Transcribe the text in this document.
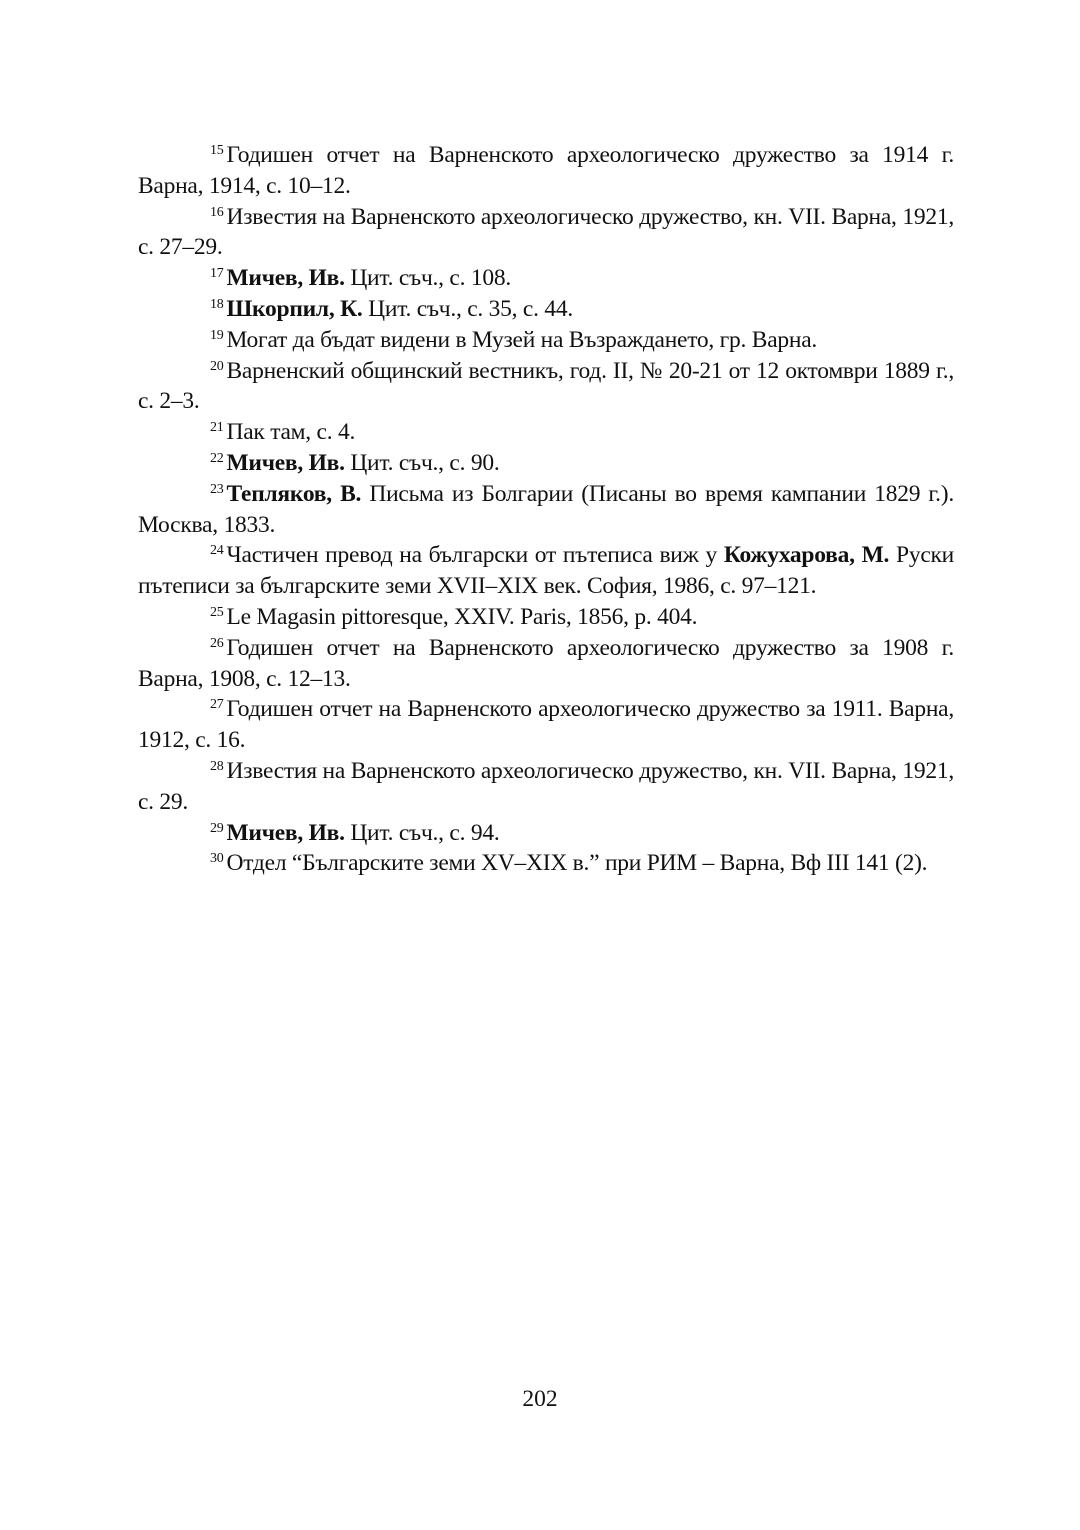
$^{15}$ Годишен отчет на Варненското археологическо дружество за 1914 г. Варна, 1914, с. 10–12.

$^{16}$ Известия на Варненското археологическо дружество, кн. VII. Варна, 1921, с. 27–29.

$^{17}$ Мичев, Ив. Цит. съч., с. 108.

$^{18}$ Шкорпил, К. Цит. съч., с. 35, с. 44.

$^{19}$ Могат да бъдат видени в Музей на Възраждането, гр. Варна.

$^{20}$ Варненский общинский вестникъ, год. II, № 20-21 от 12 октомври 1889 г., с. 2–3.

$^{21}$ Пак там, с. 4.

$^{22}$ Мичев, Ив. Цит. съч., с. 90.

$^{23}$ Тепляков, В. Письма из Болгарии (Писаны во время кампании 1829 г.). Москва, 1833.

$^{24}$ Частичен превод на български от пътеписа виж у Кожухарова, М. Руски пътеписи за българските земи XVII–XIX век. София, 1986, с. 97–121.

$^{25}$ Le Magasin pittoresque, XXIV. Paris, 1856, p. 404.

$^{26}$ Годишен отчет на Варненското археологическо дружество за 1908 г. Варна, 1908, с. 12–13.

$^{27}$ Годишен отчет на Варненското археологическо дружество за 1911. Варна, 1912, с. 16.

$^{28}$ Известия на Варненското археологическо дружество, кн. VII. Варна, 1921, с. 29.

$^{29}$ Мичев, Ив. Цит. съч., с. 94.

$^{30}$ Отдел “Българските земи XV–XIX в.” при РИМ – Варна, Вф III 141 (2).

202
